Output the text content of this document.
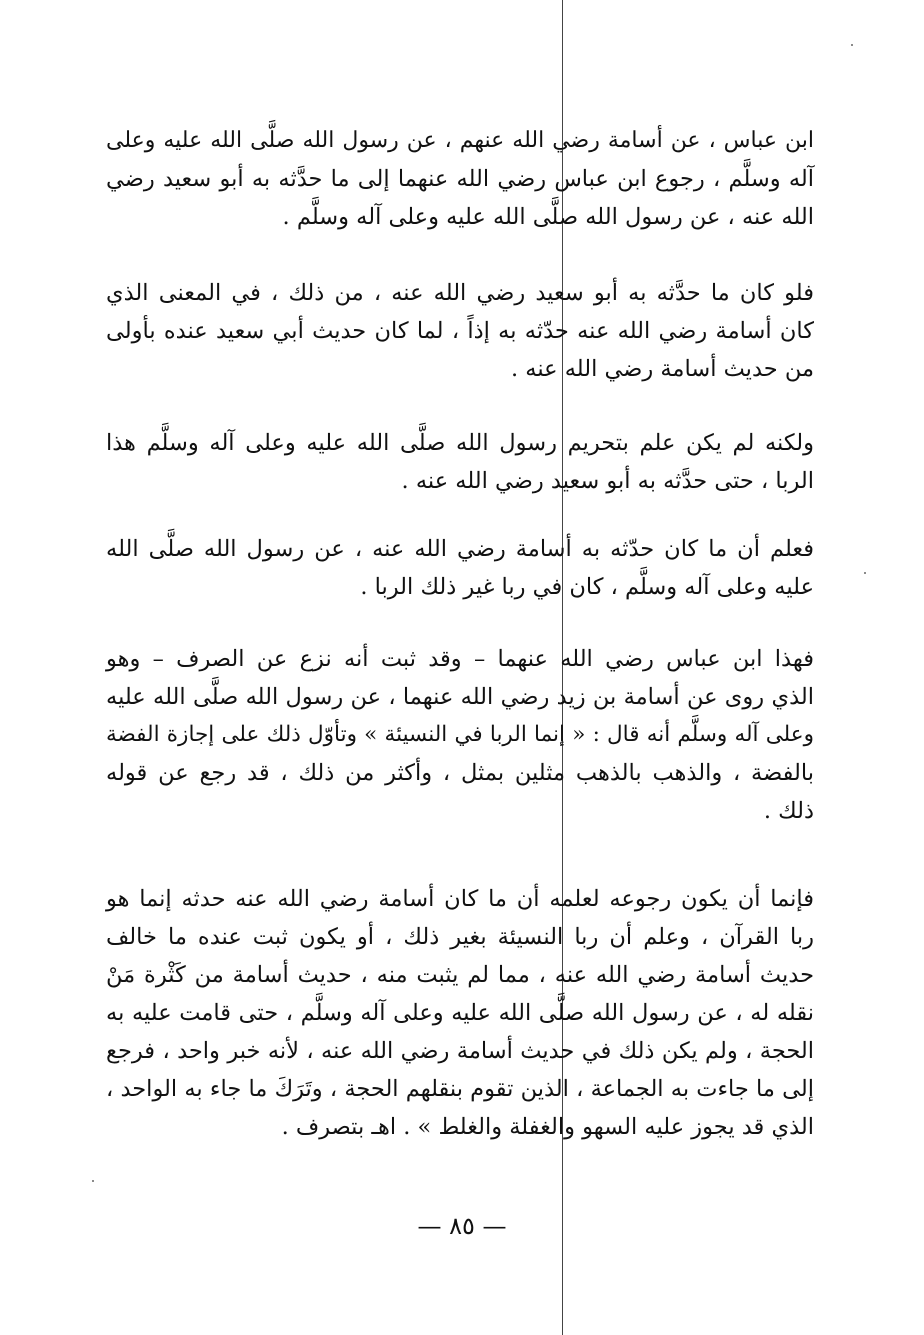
ابن عباس ، عن أسامة رضي الله عنهم ، عن رسول الله صلَّى الله عليه وعلى
آله وسلَّم ، رجوع ابن عباس رضي الله عنهما إلى ما حدَّثه به أبو سعيد رضي
الله عنه ، عن رسول الله صلَّى الله عليه وعلى آله وسلَّم .
فلو كان ما حدَّثه به أبو سعيد رضي الله عنه ، من ذلك ، في المعنى الذي
كان أسامة رضي الله عنه حدّثه به إذاً ، لما كان حديث أبي سعيد عنده بأولى
من حديث أسامة رضي الله عنه .
ولكنه لم يكن علم بتحريم رسول الله صلَّى الله عليه وعلى آله وسلَّم هذا
الربا ، حتى حدَّثه به أبو سعيد رضي الله عنه .
فعلم أن ما كان حدّثه به أسامة رضي الله عنه ، عن رسول الله صلَّى الله
عليه وعلى آله وسلَّم ، كان في ربا غير ذلك الربا .
فهذا ابن عباس رضي الله عنهما – وقد ثبت أنه نزع عن الصرف – وهو
الذي روى عن أسامة بن زيد رضي الله عنهما ، عن رسول الله صلَّى الله عليه
وعلى آله وسلَّم أنه قال : « إنما الربا في النسيئة » وتأوّل ذلك على إجازة الفضة
بالفضة ، والذهب بالذهب مثلين بمثل ، وأكثر من ذلك ، قد رجع عن قوله
ذلك .
فإنما أن يكون رجوعه لعلمه أن ما كان أسامة رضي الله عنه حدثه إنما هو
ربا القرآن ، وعلم أن ربا النسيئة بغير ذلك ، أو يكون ثبت عنده ما خالف
حديث أسامة رضي الله عنه ، مما لم يثبت منه ، حديث أسامة من كَثْرة مَنْ
نقله له ، عن رسول الله صلَّى الله عليه وعلى آله وسلَّم ، حتى قامت عليه به
الحجة ، ولم يكن ذلك في حديث أسامة رضي الله عنه ، لأنه خبر واحد ، فرجع
إلى ما جاءت به الجماعة ، الذين تقوم بنقلهم الحجة ، وتَرَكَ ما جاء به الواحد ،
الذي قد يجوز عليه السهو والغفلة والغلط » . اهـ بتصرف .
— ٨٥ —
